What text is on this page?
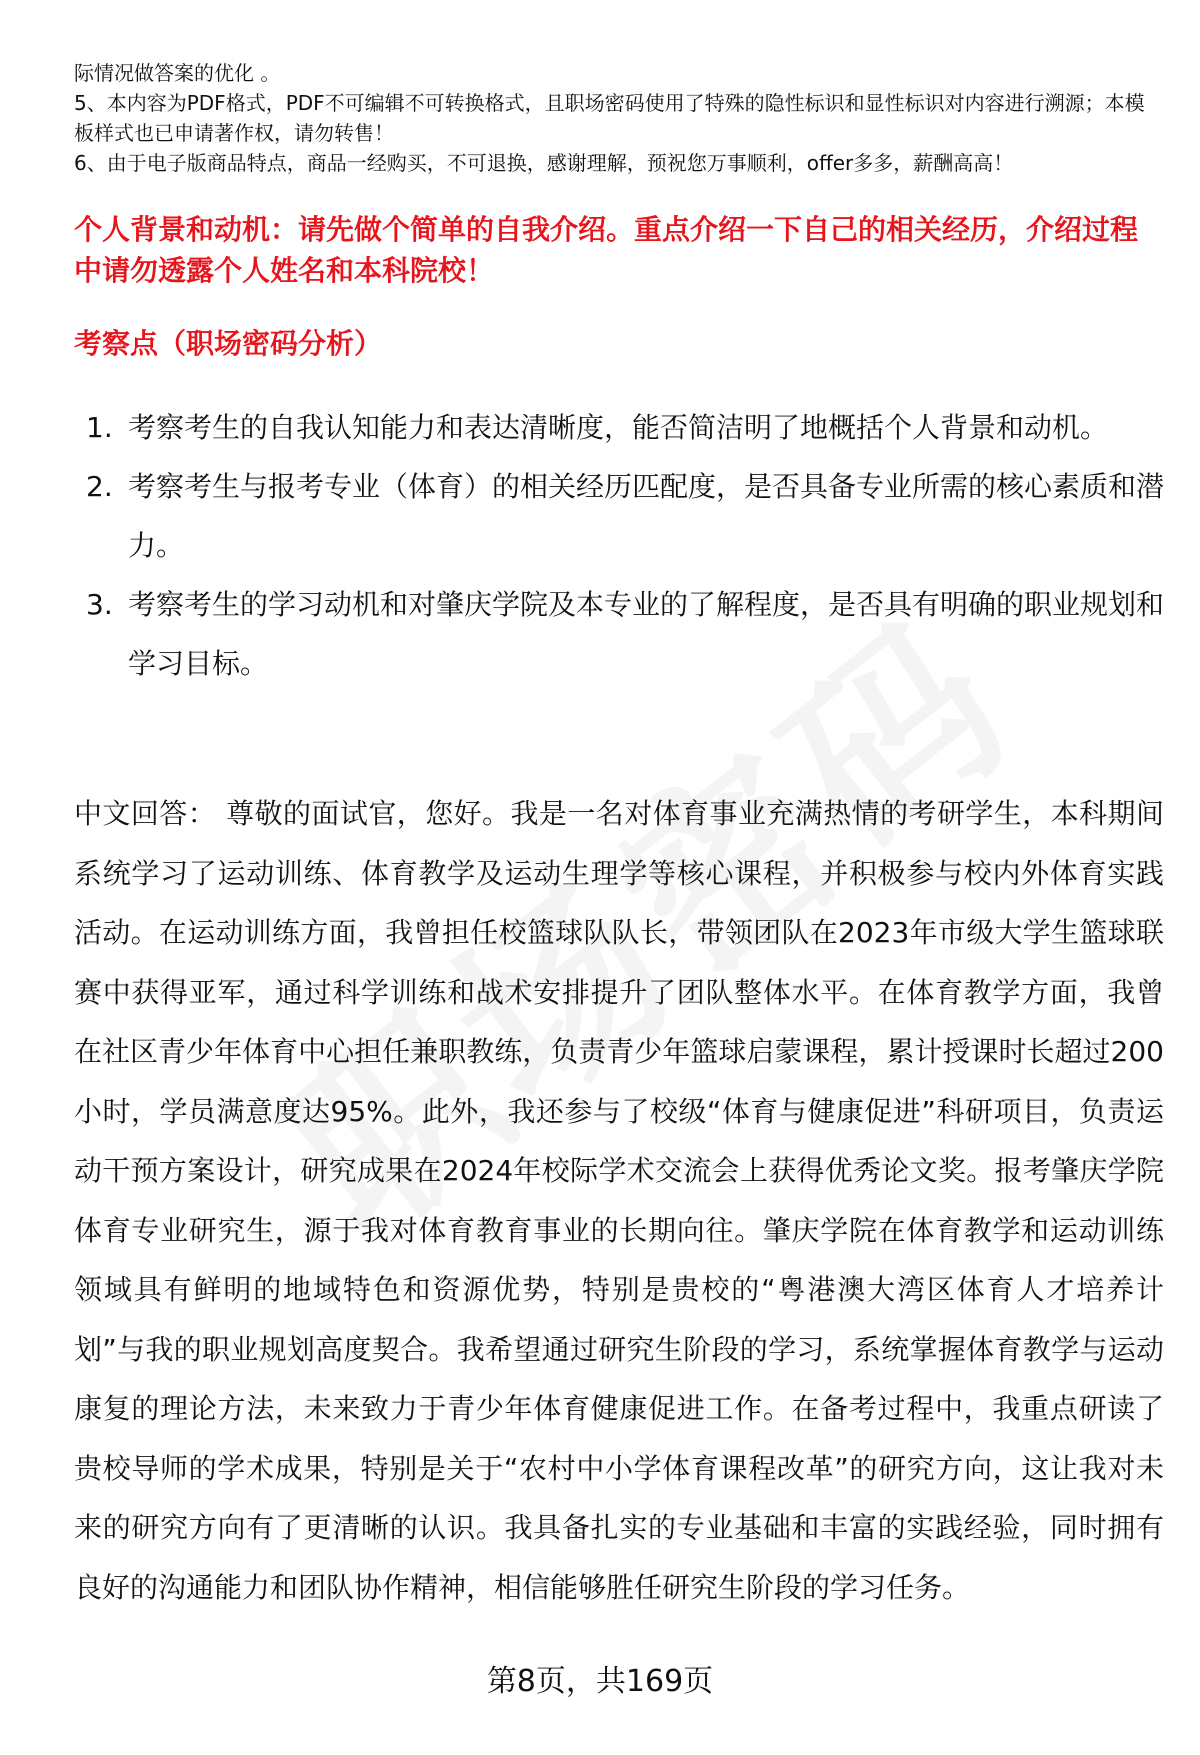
际情况做答案的优化 。

5、本内容为PDF格式，PDF不可编辑不可转换格式，且职场密码使用了特殊的隐性标识和显性标识对内容进行溯源；本模板样式也已申请著作权，请勿转售！

6、由于电子版商品特点，商品一经购买，不可退换，感谢理解，预祝您万事顺利，offer多多，薪酬高高！

个人背景和动机：请先做个简单的自我介绍。重点介绍一下自己的相关经历，介绍过程中请勿透露个人姓名和本科院校！
考察点（职场密码分析）
1. 考察考生的自我认知能力和表达清晰度，能否简洁明了地概括个人背景和动机。
2. 考察考生与报考专业（体育）的相关经历匹配度，是否具备专业所需的核心素质和潜力。
3. 考察考生的学习动机和对肇庆学院及本专业的了解程度，是否具有明确的职业规划和学习目标。
中文回答： 尊敬的面试官，您好。我是一名对体育事业充满热情的考研学生，本科期间系统学习了运动训练、体育教学及运动生理学等核心课程，并积极参与校内外体育实践活动。在运动训练方面，我曾担任校篮球队队长，带领团队在2023年市级大学生篮球联赛中获得亚军，通过科学训练和战术安排提升了团队整体水平。在体育教学方面，我曾在社区青少年体育中心担任兼职教练，负责青少年篮球启蒙课程，累计授课时长超过200小时，学员满意度达95%。此外，我还参与了校级“体育与健康促进”科研项目，负责运动干预方案设计，研究成果在2024年校际学术交流会上获得优秀论文奖。报考肇庆学院体育专业研究生，源于我对体育教育事业的长期向往。肇庆学院在体育教学和运动训练领域具有鲜明的地域特色和资源优势，特别是贵校的“粤港澳大湾区体育人才培养计划”与我的职业规划高度契合。我希望通过研究生阶段的学习，系统掌握体育教学与运动康复的理论方法，未来致力于青少年体育健康促进工作。在备考过程中，我重点研读了贵校导师的学术成果，特别是关于“农村中小学体育课程改革”的研究方向，这让我对未来的研究方向有了更清晰的认识。我具备扎实的专业基础和丰富的实践经验，同时拥有良好的沟通能力和团队协作精神，相信能够胜任研究生阶段的学习任务。
第8页，共169页
